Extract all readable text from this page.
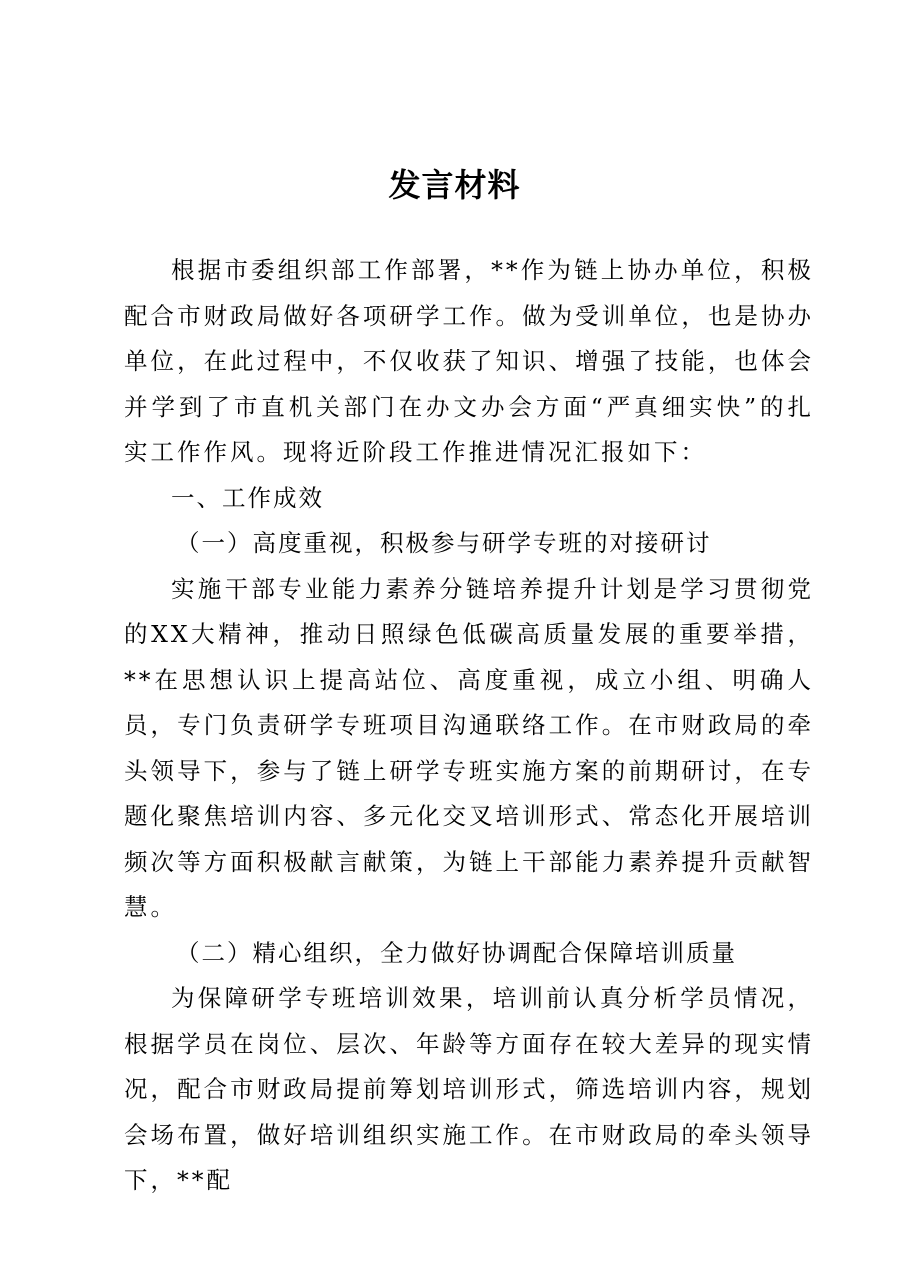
发言材料

根据市委组织部工作部署，**作为链上协办单位，积极配合市财政局做好各项研学工作。做为受训单位，也是协办单位，在此过程中，不仅收获了知识、增强了技能，也体会并学到了市直机关部门在办文办会方面“严真细实快”的扎实工作作风。现将近阶段工作推进情况汇报如下：

一、工作成效

（一）高度重视，积极参与研学专班的对接研讨

实施干部专业能力素养分链培养提升计划是学习贯彻党的XX大精神，推动日照绿色低碳高质量发展的重要举措，**在思想认识上提高站位、高度重视，成立小组、明确人员，专门负责研学专班项目沟通联络工作。在市财政局的牵头领导下，参与了链上研学专班实施方案的前期研讨，在专题化聚焦培训内容、多元化交叉培训形式、常态化开展培训频次等方面积极献言献策，为链上干部能力素养提升贡献智慧。

（二）精心组织，全力做好协调配合保障培训质量

为保障研学专班培训效果，培训前认真分析学员情况，根据学员在岗位、层次、年龄等方面存在较大差异的现实情况，配合市财政局提前筹划培训形式，筛选培训内容，规划会场布置，做好培训组织实施工作。在市财政局的牵头领导下，**配
